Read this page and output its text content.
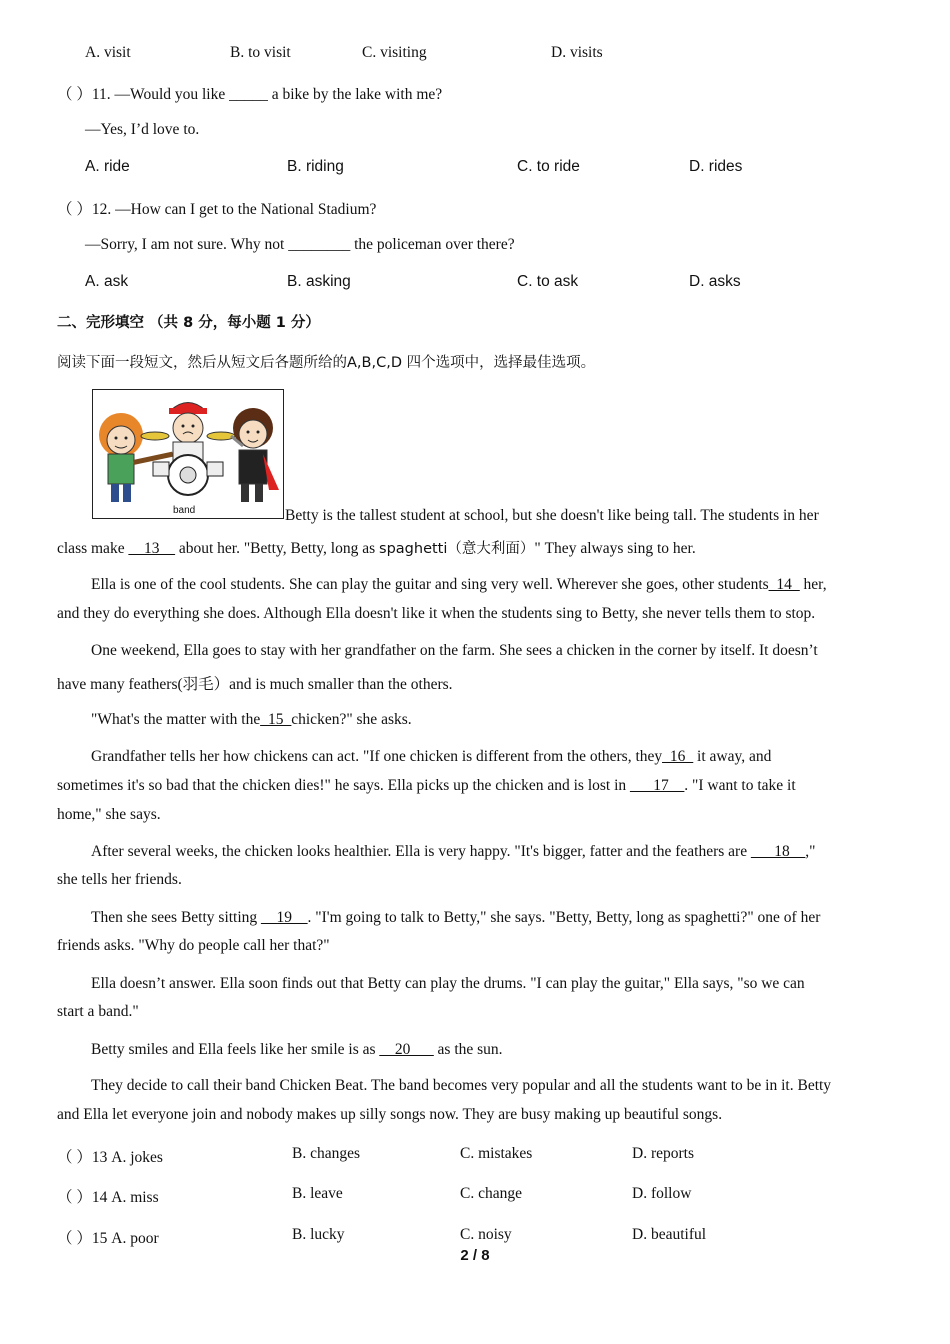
A. visit	B. to visit	C. visiting	D. visits
（ ）11. —Would you like _____ a bike by the lake with me?
—Yes, I’d love to.
A. ride	B. riding	C. to ride	D. rides
（ ）12. —How can I get to the National Stadium?
—Sorry, I am not sure. Why not ________ the policeman over there?
A. ask	B. asking	C. to ask	D. asks
二、完形填空 （共 8 分，每小题 1 分）
阅读下面一段短文，然后从短文后各题所给的A,B,C,D 四个选项中，选择最佳选项。
band	Betty is the tallest student at school, but she doesn't like being tall. The students in her
class make __13__ about her. "Betty, Betty, long as spaghetti（意大利面）" They always sing to her.
Ella is one of the cool students. She can play the guitar and sing very well. Wherever she goes, other students_14_ her,
and they do everything she does. Although Ella doesn't like it when the students sing to Betty, she never tells them to stop.
One weekend, Ella goes to stay with her grandfather on the farm. She sees a chicken in the corner by itself. It doesn’t
have many feathers(羽毛）and is much smaller than the others.
"What's the matter with the_15_chicken?" she asks.
Grandfather tells her how chickens can act. "If one chicken is different from the others, they_16_ it away, and
sometimes it's so bad that the chicken dies!" he says. Ella picks up the chicken and is lost in ___17__. "I want to take it
home," she says.
After several weeks, the chicken looks healthier. Ella is very happy. "It's bigger, fatter and the feathers are ___18__,"
she tells her friends.
Then she sees Betty sitting __19__. "I'm going to talk to Betty," she says. "Betty, Betty, long as spaghetti?" one of her
friends asks. "Why do people call her that?"
Ella doesn’t answer. Ella soon finds out that Betty can play the drums. "I can play the guitar," Ella says, "so we can
start a band."
Betty smiles and Ella feels like her smile is as __20___ as the sun.
They decide to call their band Chicken Beat. The band becomes very popular and all the students want to be in it. Betty
and Ella let everyone join and nobody makes up silly songs now. They are busy making up beautiful songs.
（ ）13 A. jokes	B. changes	C. mistakes	D. reports
（ ）14 A. miss	B. leave	C. change	D. follow
（ ）15 A. poor	B. lucky	C. noisy	D. beautiful
2 / 8
